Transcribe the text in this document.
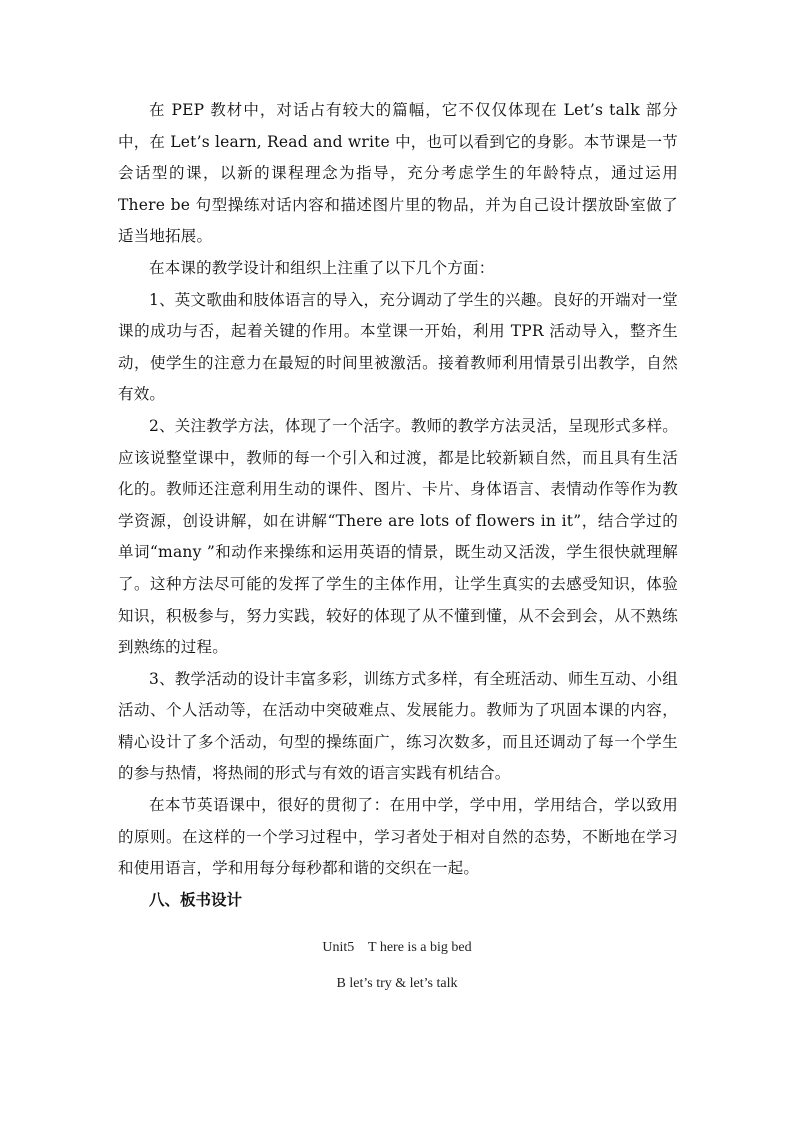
在 PEP 教材中，对话占有较大的篇幅，它不仅仅体现在 Let’s talk 部分中，在 Let’s learn, Read and write 中，也可以看到它的身影。本节课是一节会话型的课，以新的课程理念为指导，充分考虑学生的年龄特点，通过运用 There be 句型操练对话内容和描述图片里的物品，并为自己设计摆放卧室做了适当地拓展。

在本课的教学设计和组织上注重了以下几个方面：

1、英文歌曲和肢体语言的导入，充分调动了学生的兴趣。良好的开端对一堂课的成功与否，起着关键的作用。本堂课一开始，利用 TPR 活动导入，整齐生动，使学生的注意力在最短的时间里被激活。接着教师利用情景引出教学，自然有效。

2、关注教学方法，体现了一个活字。教师的教学方法灵活，呈现形式多样。应该说整堂课中，教师的每一个引入和过渡，都是比较新颖自然，而且具有生活化的。教师还注意利用生动的课件、图片、卡片、身体语言、表情动作等作为教学资源，创设讲解，如在讲解“There are lots of flowers in it”，结合学过的单词“many ”和动作来操练和运用英语的情景，既生动又活泼，学生很快就理解了。这种方法尽可能的发挥了学生的主体作用，让学生真实的去感受知识，体验知识，积极参与，努力实践，较好的体现了从不懂到懂，从不会到会，从不熟练到熟练的过程。

3、教学活动的设计丰富多彩，训练方式多样，有全班活动、师生互动、小组活动、个人活动等，在活动中突破难点、发展能力。教师为了巩固本课的内容，精心设计了多个活动，句型的操练面广，练习次数多，而且还调动了每一个学生的参与热情，将热闹的形式与有效的语言实践有机结合。

在本节英语课中，很好的贯彻了：在用中学，学中用，学用结合，学以致用的原则。在这样的一个学习过程中，学习者处于相对自然的态势，不断地在学习和使用语言，学和用每分每秒都和谐的交织在一起。

八、板书设计

Unit5    T here is a big bed
B let’s try & let’s talk
